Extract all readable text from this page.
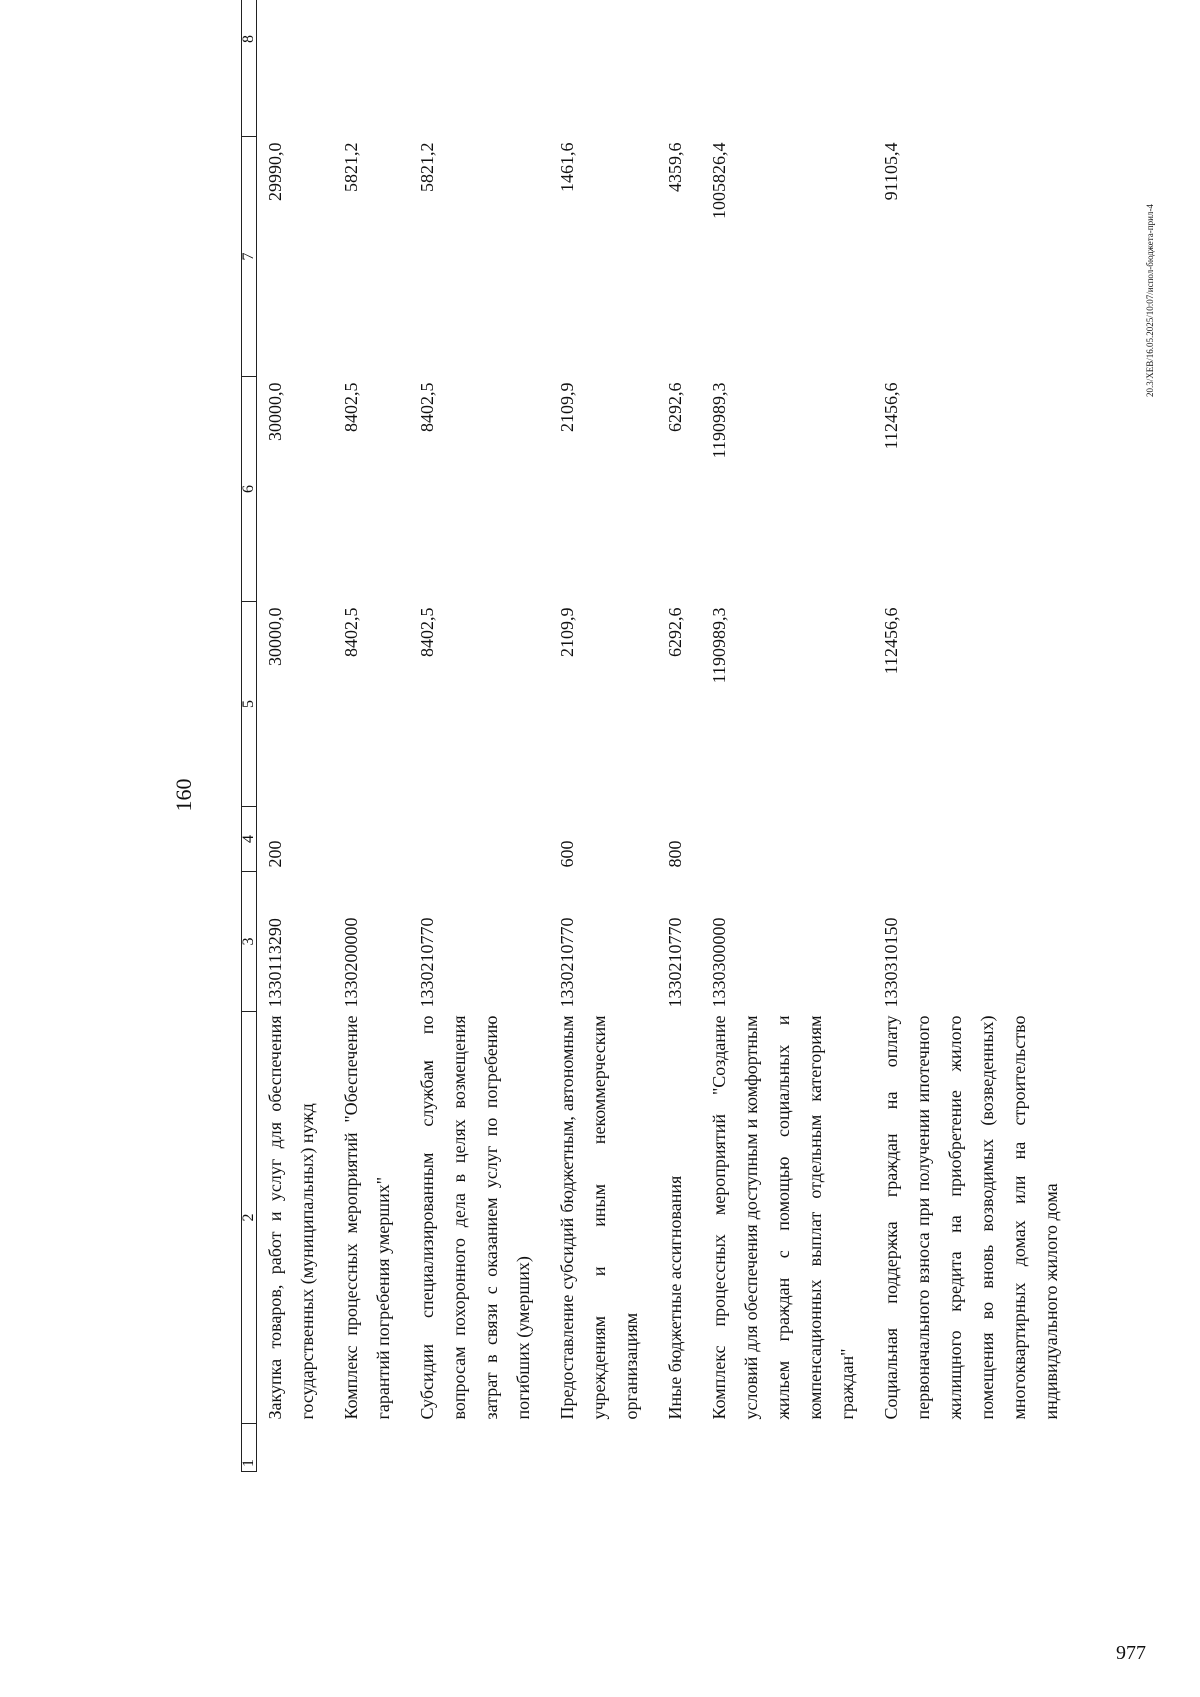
977
160
1	2	3	4	5	6	7	8
	Закупка товаров, работ и услуг для обеспечения государственных (муниципальных) нужд	1330113290	200	30000,0	30000,0	29990,0	
	Комплекс процессных мероприятий "Обеспечение гарантий погребения умерших"	1330200000		8402,5	8402,5	5821,2	
	Субсидии специализированным службам по вопросам похоронного дела в целях возмещения затрат в связи с оказанием услуг по погребению погибших (умерших)	1330210770		8402,5	8402,5	5821,2	
	Предоставление субсидий бюджетным, автономным учреждениям и иным некоммерческим организациям	1330210770	600	2109,9	2109,9	1461,6	
	Иные бюджетные ассигнования	1330210770	800	6292,6	6292,6	4359,6	
	Комплекс процессных мероприятий "Создание условий для обеспечения доступным и комфортным жильем граждан с помощью социальных и компенсационных выплат отдельным категориям граждан"	1330300000		1190989,3	1190989,3	1005826,4	
	Социальная поддержка граждан на оплату первоначального взноса при получении ипотечного жилищного кредита на приобретение жилого помещения во вновь возводимых (возведенных) многоквартирных домах или на строительство индивидуального жилого дома	1330310150		112456,6	112456,6	91105,4	
20.3/XEB/16.05.2025/10:07/испол-бюджета-прил-4
